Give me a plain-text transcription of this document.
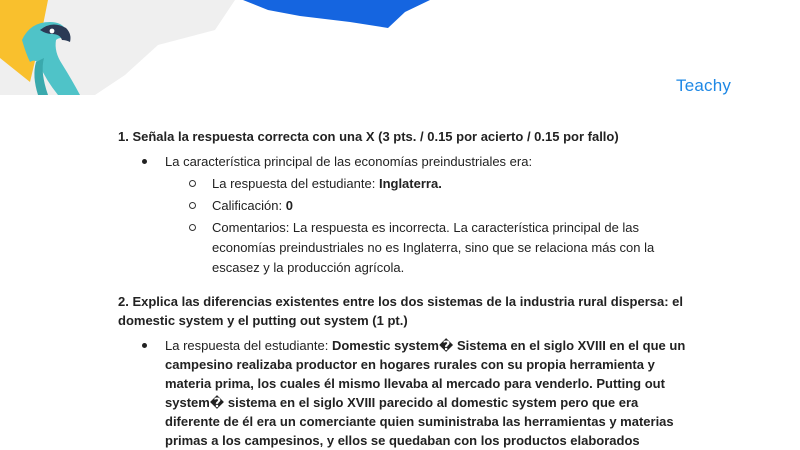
Teachy

1. Señala la respuesta correcta con una X (3 pts. / 0.15 por acierto / 0.15 por fallo)

La característica principal de las economías preindustriales era:
La respuesta del estudiante: Inglaterra.
Calificación: 0
Comentarios: La respuesta es incorrecta. La característica principal de las economías preindustriales no es Inglaterra, sino que se relaciona más con la escasez y la producción agrícola.

2. Explica las diferencias existentes entre los dos sistemas de la industria rural dispersa: el domestic system y el putting out system (1 pt.)

La respuesta del estudiante: Domestic system� Sistema en el siglo XVIII en el que un campesino realizaba productor en hogares rurales con su propia herramienta y materia prima, los cuales él mismo llevaba al mercado para venderlo. Putting out system� sistema en el siglo XVIII parecido al domestic system pero que era diferente de él era un comerciante quien suministraba las herramientas y materias primas a los campesinos, y ellos se quedaban con los productos elaborados
